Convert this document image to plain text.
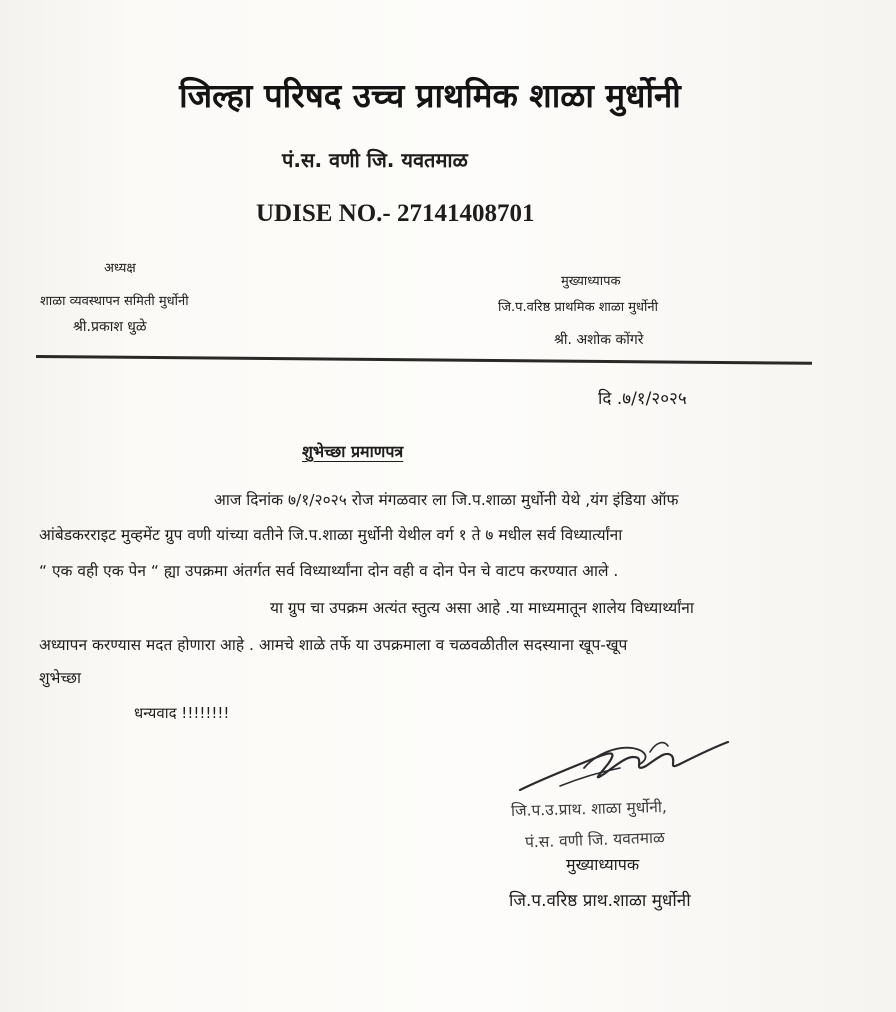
जिल्हा परिषद उच्च प्राथमिक शाळा मुर्धोनी
पं.स. वणी जि. यवतमाळ
UDISE NO.- 27141408701
अध्यक्ष
शाळा व्यवस्थापन समिती मुर्धोनी
श्री.प्रकाश धुळे
मुख्याध्यापक
जि.प.वरिष्ठ प्राथमिक शाळा मुर्धोनी
श्री. अशोक कोंगरे
दि .७/१/२०२५
शुभेच्छा प्रमाणपत्र
आज दिनांक ७/१/२०२५ रोज मंगळवार ला जि.प.शाळा मुर्धोनी येथे ,यंग इंडिया ऑफ
आंबेडकरराइट मुव्हमेंट ग्रुप वणी यांच्या वतीने जि.प.शाळा मुर्धोनी येथील वर्ग १ ते ७ मधील सर्व विध्यार्त्यांना
“ एक वही एक पेन “ ह्या उपक्रमा अंतर्गत सर्व विध्यार्थ्यांना दोन वही व दोन पेन चे वाटप करण्यात आले .
या ग्रुप चा उपक्रम अत्यंत स्तुत्य असा आहे .या माध्यमातून शालेय विध्यार्थ्यांना
अध्यापन करण्यास मदत होणारा आहे . आमचे शाळे तर्फे या उपक्रमाला व चळवळीतील सदस्याना खूप-खूप
शुभेच्छा
धन्यवाद !!!!!!!!
जि.प.उ.प्राथ. शाळा मुर्धोनी,
पं.स. वणी जि. यवतमाळ
मुख्याध्यापक
जि.प.वरिष्ठ प्राथ.शाळा मुर्धोनी
